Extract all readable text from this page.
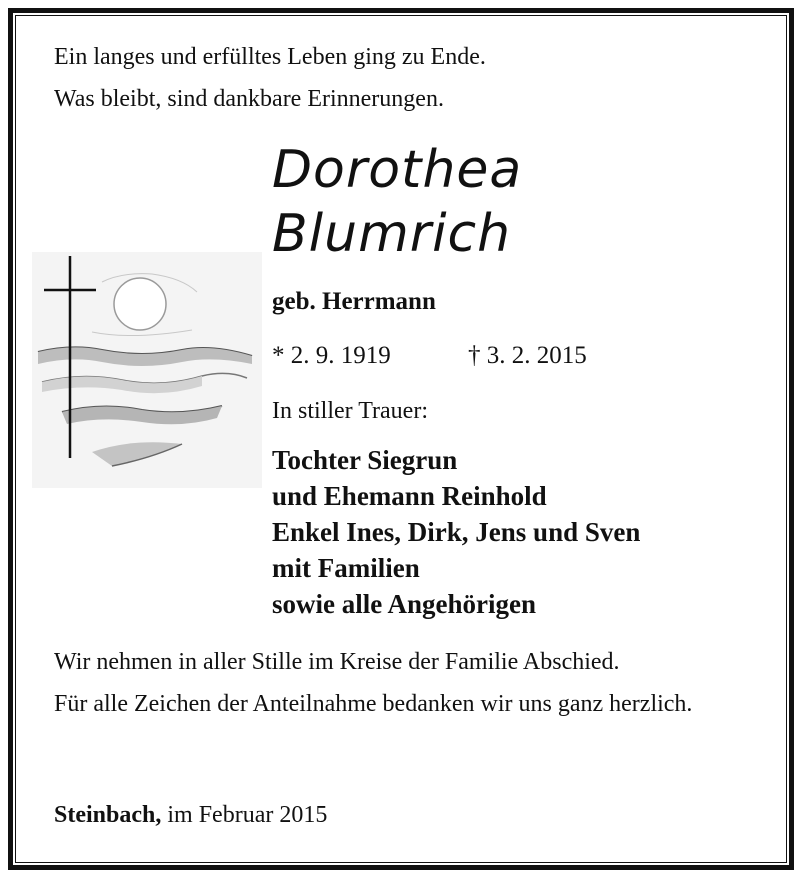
Ein langes und erfülltes Leben ging zu Ende.
Was bleibt, sind dankbare Erinnerungen.
Dorothea
Blumrich
geb. Herrmann
* 2. 9. 1919	† 3. 2. 2015
In stiller Trauer:
Tochter Siegrun
und Ehemann Reinhold
Enkel Ines, Dirk, Jens und Sven
mit Familien
sowie alle Angehörigen

Wir nehmen in aller Stille im Kreise der Familie Abschied.

Für alle Zeichen der Anteilnahme bedanken wir uns ganz herzlich.

Steinbach, im Februar 2015
